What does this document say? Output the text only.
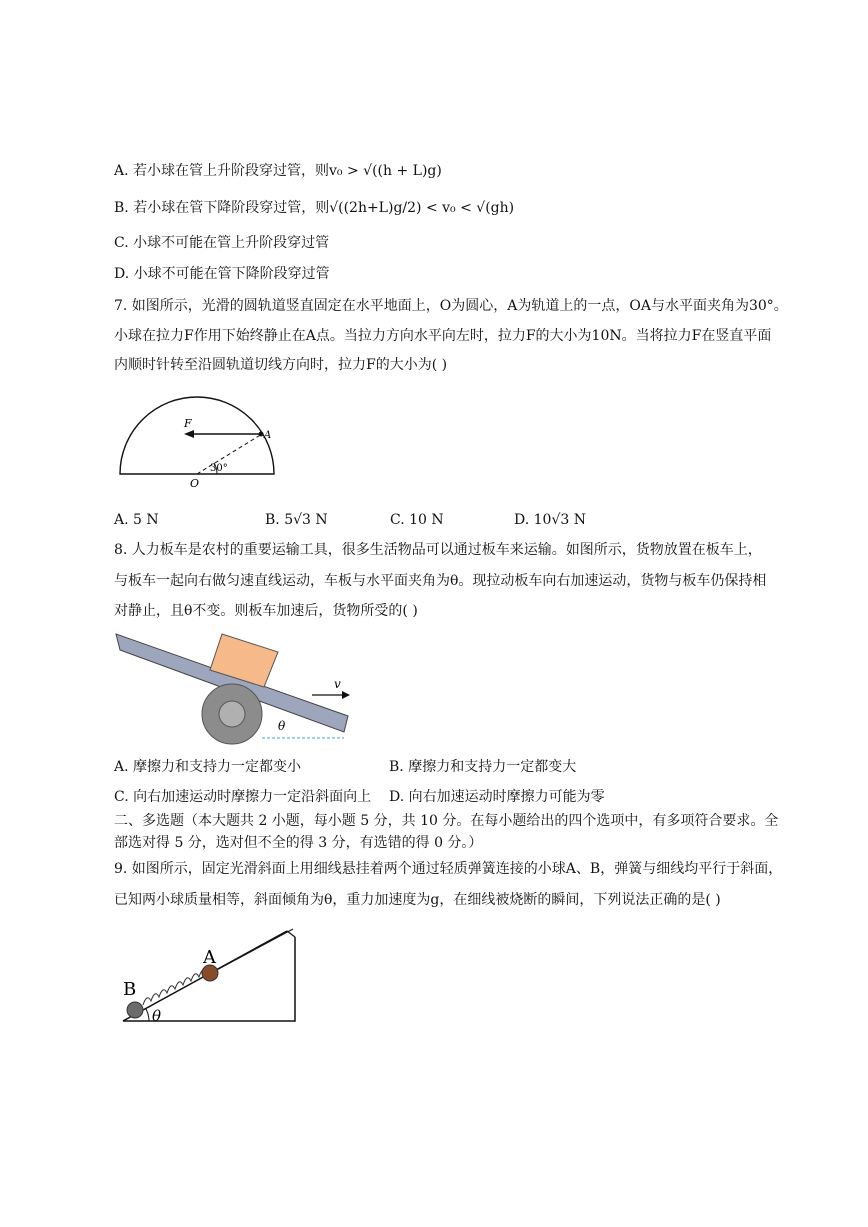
A. 若小球在管上升阶段穿过管，则v₀ > √((h + L)g)
B. 若小球在管下降阶段穿过管，则√((2h+L)g/2) < v₀ < √(gh)
C. 小球不可能在管上升阶段穿过管
D. 小球不可能在管下降阶段穿过管
7. 如图所示，光滑的圆轨道竖直固定在水平地面上，O为圆心，A为轨道上的一点，OA与水平面夹角为30°。
小球在拉力F作用下始终静止在A点。当拉力方向水平向左时，拉力F的大小为10N。当将拉力F在竖直平面
内顺时针转至沿圆轨道切线方向时，拉力F的大小为( )
F
A
O
30°
A. 5 N	B. 5√3 N	C. 10 N	D. 10√3 N
8. 人力板车是农村的重要运输工具，很多生活物品可以通过板车来运输。如图所示，货物放置在板车上，
与板车一起向右做匀速直线运动，车板与水平面夹角为θ。现拉动板车向右加速运动，货物与板车仍保持相
对静止，且θ不变。则板车加速后，货物所受的( )
v
θ
A. 摩擦力和支持力一定都变小	B. 摩擦力和支持力一定都变大
C. 向右加速运动时摩擦力一定沿斜面向上 D. 向右加速运动时摩擦力可能为零
二、多选题（本大题共 2 小题，每小题 5 分，共 10 分。在每小题给出的四个选项中，有多项符合要求。全
部选对得 5 分，选对但不全的得 3 分，有选错的得 0 分。）
9. 如图所示，固定光滑斜面上用细线悬挂着两个通过轻质弹簧连接的小球A、B，弹簧与细线均平行于斜面，
已知两小球质量相等，斜面倾角为θ，重力加速度为g，在细线被烧断的瞬间，下列说法正确的是( )
B
A
θ
